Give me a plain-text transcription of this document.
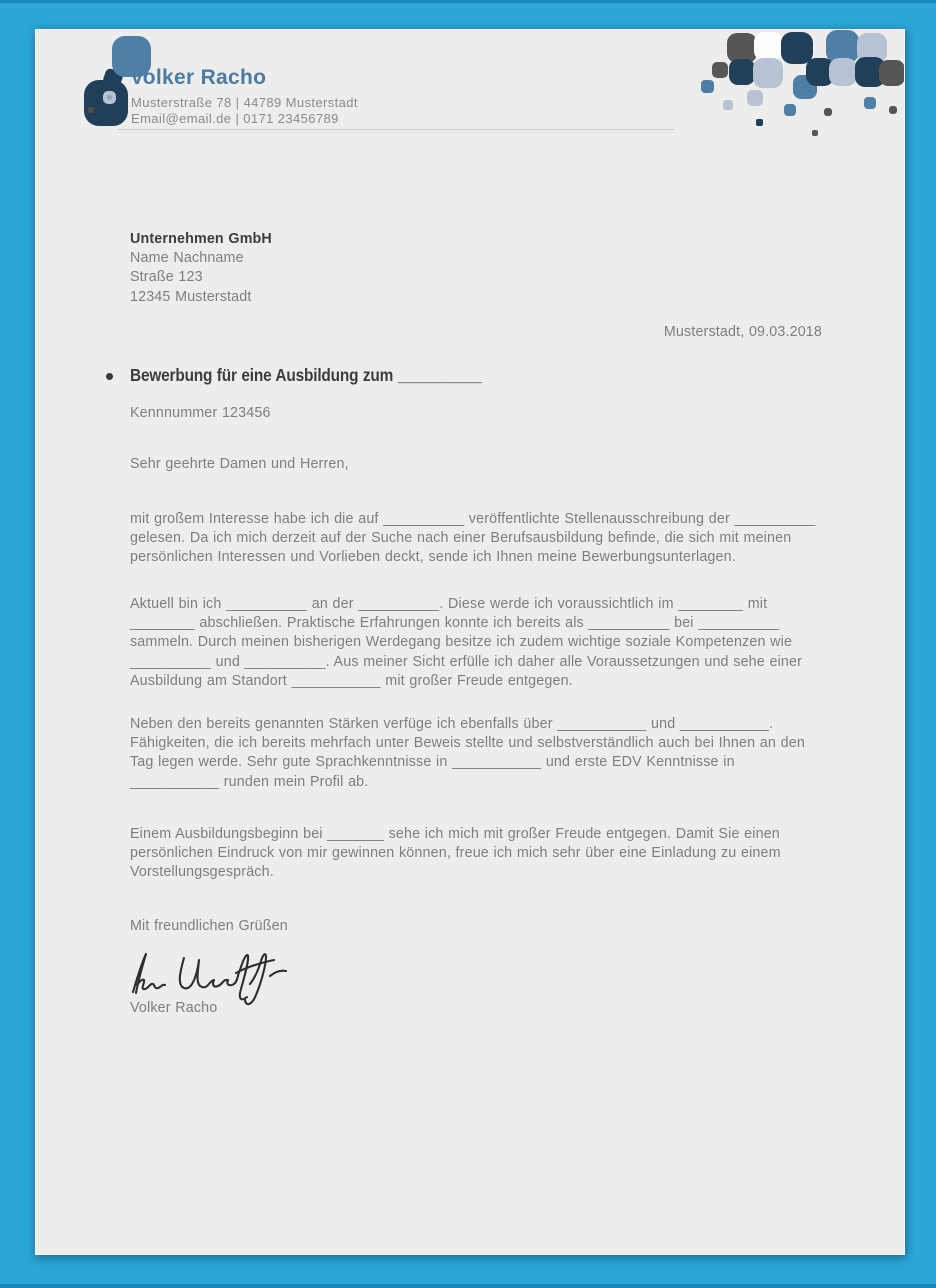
Volker Racho
Musterstraße 78 | 44789 Musterstadt
Email@email.de | 0171 23456789
Unternehmen GmbH
Name Nachname
Straße 123
12345 Musterstadt
Musterstadt, 09.03.2018
Bewerbung für eine Ausbildung zum __________
Kennnummer 123456
Sehr geehrte Damen und Herren,
mit großem Interesse habe ich die auf __________ veröffentlichte Stellenausschreibung der __________ gelesen. Da ich mich derzeit auf der Suche nach einer Berufsausbildung befinde, die sich mit meinen persönlichen Interessen und Vorlieben deckt, sende ich Ihnen meine Bewerbungsunterlagen.
Aktuell bin ich __________ an der __________. Diese werde ich voraussichtlich im ________ mit ________ abschließen. Praktische Erfahrungen konnte ich bereits als __________ bei __________ sammeln. Durch meinen bisherigen Werdegang besitze ich zudem wichtige soziale Kompetenzen wie __________ und __________. Aus meiner Sicht erfülle ich daher alle Voraussetzungen und sehe einer Ausbildung am Standort ___________ mit großer Freude entgegen.
Neben den bereits genannten Stärken verfüge ich ebenfalls über ___________ und ___________. Fähigkeiten, die ich bereits mehrfach unter Beweis stellte und selbstverständlich auch bei Ihnen an den Tag legen werde. Sehr gute Sprachkenntnisse in ___________ und erste EDV Kenntnisse in ___________ runden mein Profil ab.
Einem Ausbildungsbeginn bei _______ sehe ich mich mit großer Freude entgegen. Damit Sie einen persönlichen Eindruck von mir gewinnen können, freue ich mich sehr über eine Einladung zu einem Vorstellungsgespräch.
Mit freundlichen Grüßen
Volker Racho
